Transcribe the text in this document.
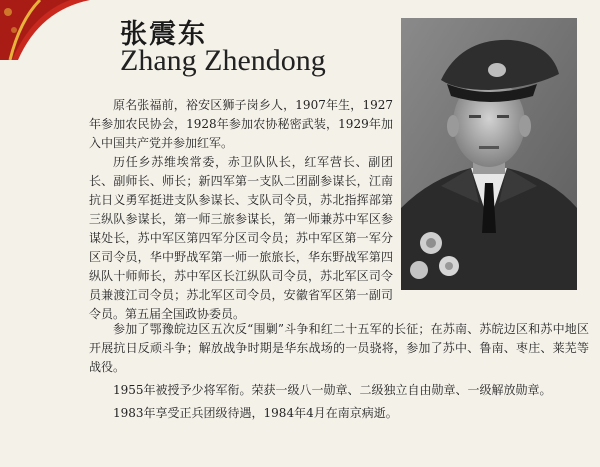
张震东
Zhang Zhendong

原名张福前，裕安区狮子岗乡人，1907年生，1927年参加农民协会，1928年参加农协秘密武装，1929年加入中国共产党并参加红军。

历任乡苏维埃常委，赤卫队队长，红军营长、副团长、副师长、师长；新四军第一支队二团副参谋长，江南抗日义勇军挺进支队参谋长、支队司令员，苏北指挥部第三纵队参谋长，第一师三旅参谋长，第一师兼苏中军区参谋处长，苏中军区第四军分区司令员；苏中军区第一军分区司令员，华中野战军第一师一旅旅长，华东野战军第四纵队十师师长，苏中军区长江纵队司令员，苏北军区司令员兼渡江司令员；苏北军区司令员，安徽省军区第一副司令员。第五届全国政协委员。

参加了鄂豫皖边区五次反“围剿”斗争和红二十五军的长征；在苏南、苏皖边区和苏中地区开展抗日反顽斗争；解放战争时期是华东战场的一员骁将，参加了苏中、鲁南、枣庄、莱芜等战役。

1955年被授予少将军衔。荣获一级八一勋章、二级独立自由勋章、一级解放勋章。

1983年享受正兵团级待遇，1984年4月在南京病逝。
